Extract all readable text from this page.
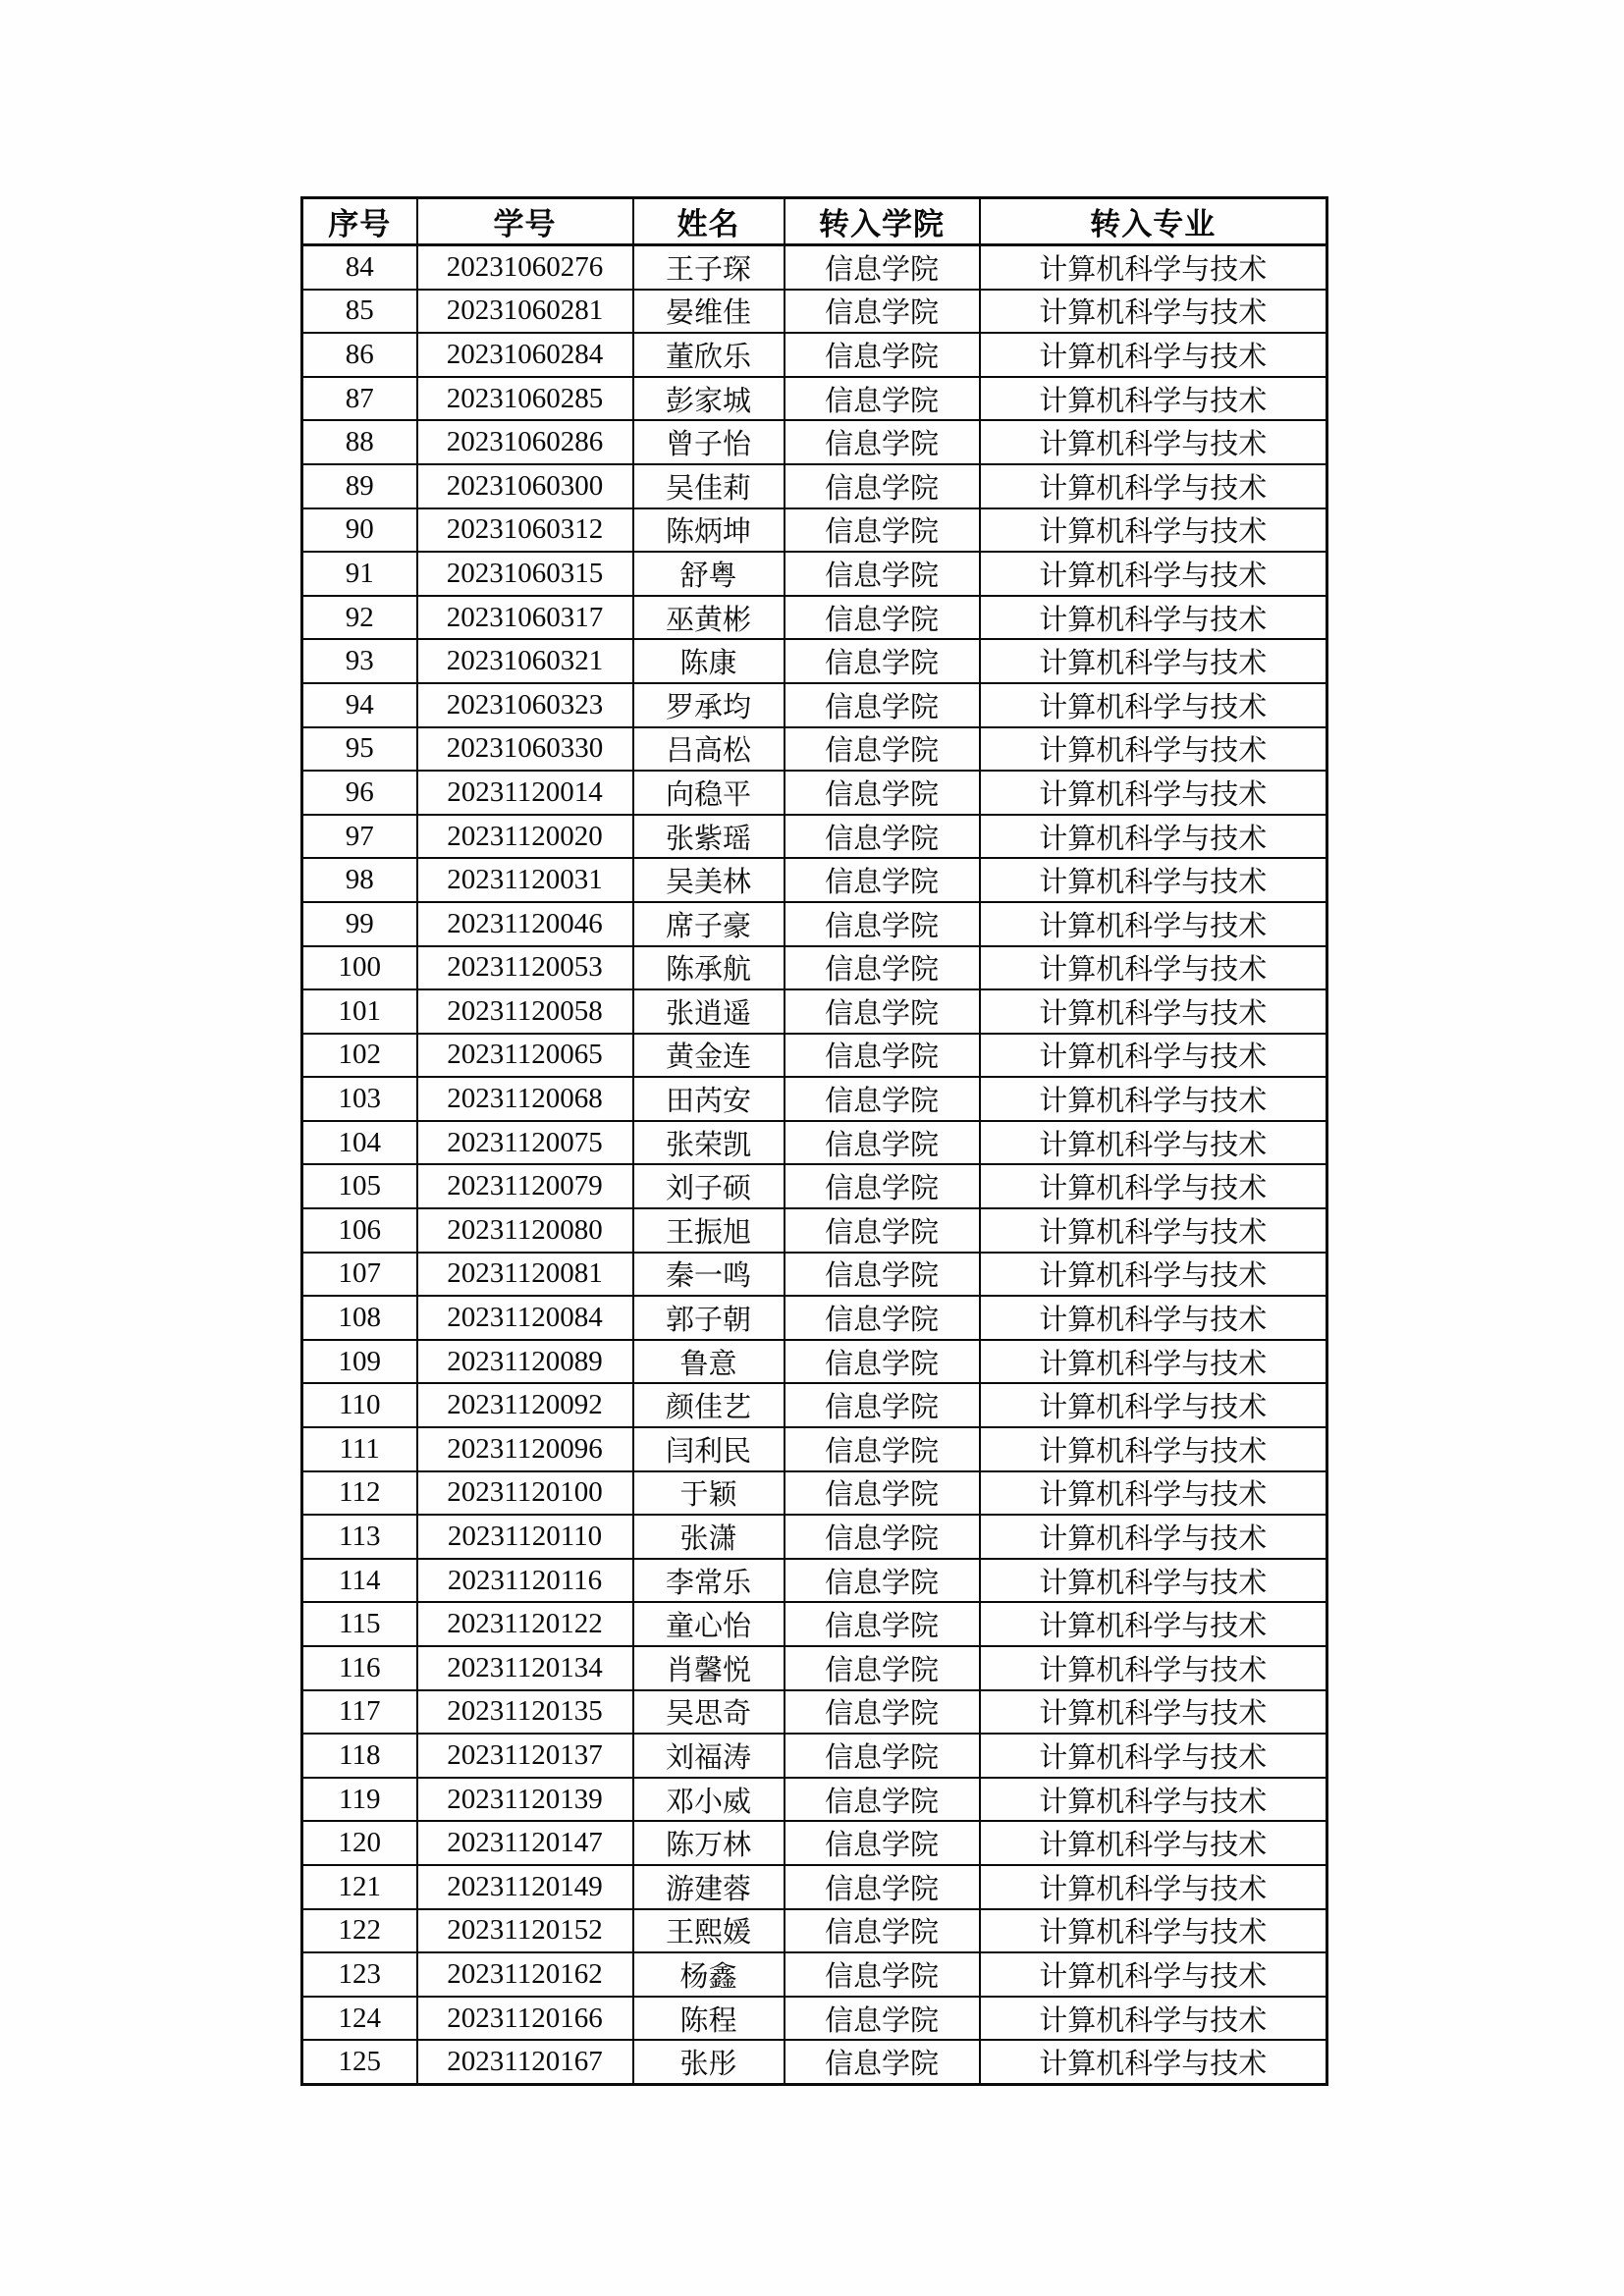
序号	学号	姓名	转入学院	转入专业
84	20231060276	王子琛	信息学院	计算机科学与技术
85	20231060281	晏维佳	信息学院	计算机科学与技术
86	20231060284	董欣乐	信息学院	计算机科学与技术
87	20231060285	彭家城	信息学院	计算机科学与技术
88	20231060286	曾子怡	信息学院	计算机科学与技术
89	20231060300	吴佳莉	信息学院	计算机科学与技术
90	20231060312	陈炳坤	信息学院	计算机科学与技术
91	20231060315	舒粤	信息学院	计算机科学与技术
92	20231060317	巫黄彬	信息学院	计算机科学与技术
93	20231060321	陈康	信息学院	计算机科学与技术
94	20231060323	罗承均	信息学院	计算机科学与技术
95	20231060330	吕高松	信息学院	计算机科学与技术
96	20231120014	向稳平	信息学院	计算机科学与技术
97	20231120020	张紫瑶	信息学院	计算机科学与技术
98	20231120031	吴美林	信息学院	计算机科学与技术
99	20231120046	席子豪	信息学院	计算机科学与技术
100	20231120053	陈承航	信息学院	计算机科学与技术
101	20231120058	张逍遥	信息学院	计算机科学与技术
102	20231120065	黄金连	信息学院	计算机科学与技术
103	20231120068	田芮安	信息学院	计算机科学与技术
104	20231120075	张荣凯	信息学院	计算机科学与技术
105	20231120079	刘子硕	信息学院	计算机科学与技术
106	20231120080	王振旭	信息学院	计算机科学与技术
107	20231120081	秦一鸣	信息学院	计算机科学与技术
108	20231120084	郭子朝	信息学院	计算机科学与技术
109	20231120089	鲁意	信息学院	计算机科学与技术
110	20231120092	颜佳艺	信息学院	计算机科学与技术
111	20231120096	闫利民	信息学院	计算机科学与技术
112	20231120100	于颖	信息学院	计算机科学与技术
113	20231120110	张潇	信息学院	计算机科学与技术
114	20231120116	李常乐	信息学院	计算机科学与技术
115	20231120122	童心怡	信息学院	计算机科学与技术
116	20231120134	肖馨悦	信息学院	计算机科学与技术
117	20231120135	吴思奇	信息学院	计算机科学与技术
118	20231120137	刘福涛	信息学院	计算机科学与技术
119	20231120139	邓小威	信息学院	计算机科学与技术
120	20231120147	陈万林	信息学院	计算机科学与技术
121	20231120149	游建蓉	信息学院	计算机科学与技术
122	20231120152	王熙媛	信息学院	计算机科学与技术
123	20231120162	杨鑫	信息学院	计算机科学与技术
124	20231120166	陈程	信息学院	计算机科学与技术
125	20231120167	张彤	信息学院	计算机科学与技术
